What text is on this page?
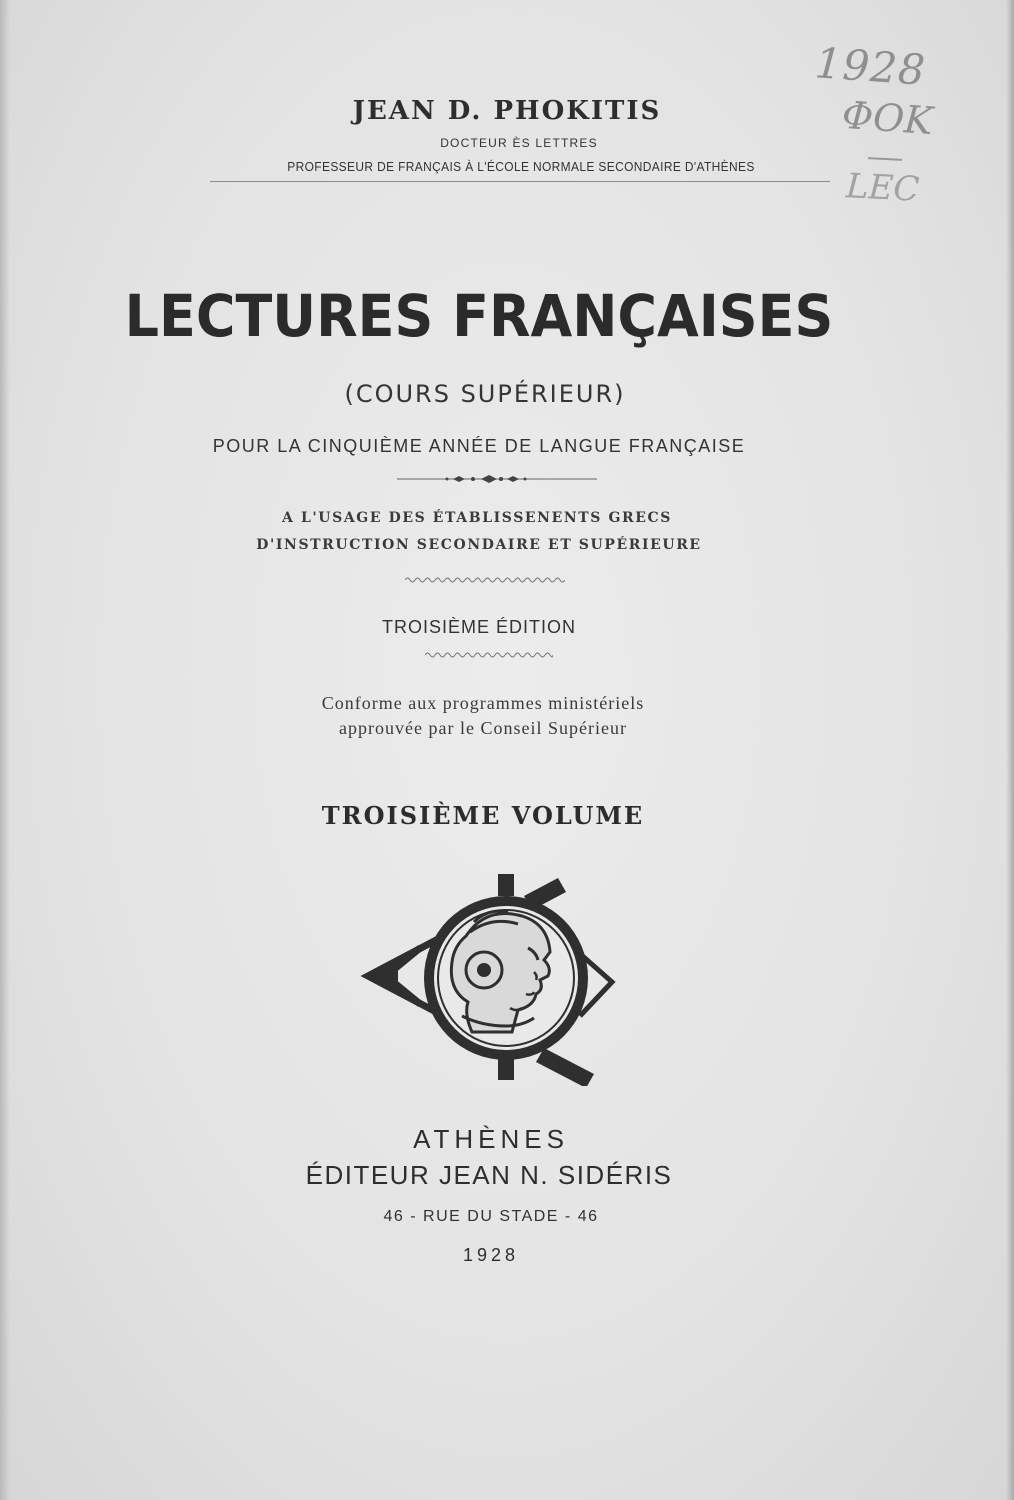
1928
ΦΟΚ
LEC
JEAN D. PHOKITIS
DOCTEUR ÈS LETTRES
PROFESSEUR DE FRANÇAIS À L'ÉCOLE NORMALE SECONDAIRE D'ATHÈNES
LECTURES FRANÇAISES
(COURS SUPÉRIEUR)
POUR LA CINQUIÈME ANNÉE DE LANGUE FRANÇAISE
A L'USAGE DES ÉTABLISSENENTS GRECS
D'INSTRUCTION SECONDAIRE ET SUPÉRIEURE
TROISIÈME ÉDITION
Conforme aux programmes ministériels
approuvée par le Conseil Supérieur
TROISIÈME VOLUME
ATHÈNES
ÉDITEUR JEAN N. SIDÉRIS
46 - RUE DU STADE - 46
1928
